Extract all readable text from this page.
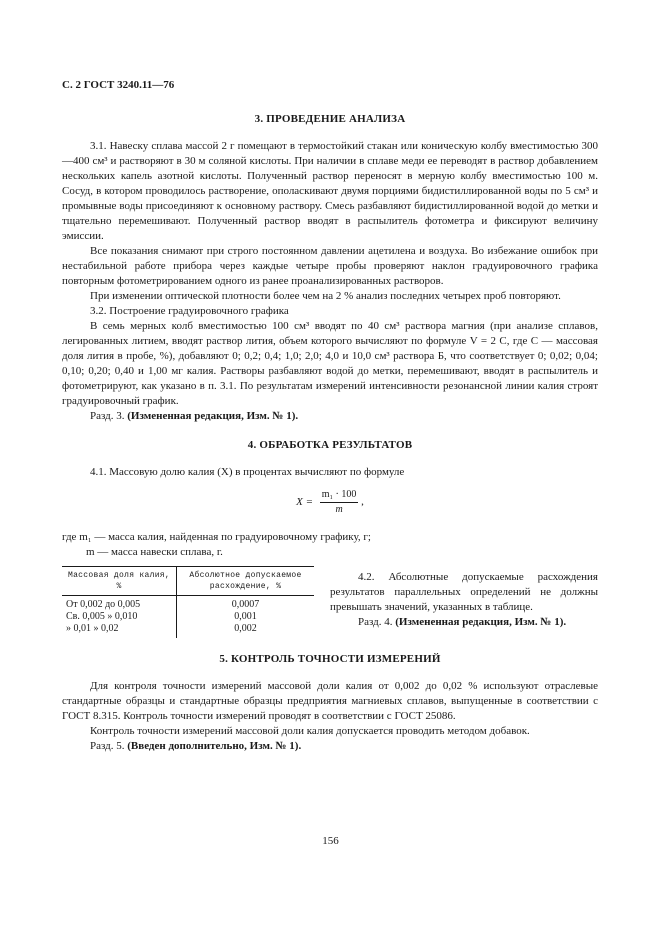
С. 2 ГОСТ 3240.11—76
3. ПРОВЕДЕНИЕ АНАЛИЗА

3.1. Навеску сплава массой 2 г помещают в термостойкий стакан или коническую колбу вместимостью 300—400 см³ и растворяют в 30 м соляной кислоты. При наличии в сплаве меди ее переводят в раствор добавлением нескольких капель азотной кислоты. Полученный раствор переносят в мерную колбу вместимостью 100 м. Сосуд, в котором проводилось растворение, ополаскивают двумя порциями бидистиллированной воды по 5 см³ и промывные воды присоединяют к основному раствору. Смесь разбавляют бидистиллированной водой до метки и тщательно перемешивают. Полученный раствор вводят в распылитель фотометра и фиксируют величину эмиссии.

Все показания снимают при строго постоянном давлении ацетилена и воздуха. Во избежание ошибок при нестабильной работе прибора через каждые четыре пробы проверяют наклон градуировочного графика повторным фотометрированием одного из ранее проанализированных растворов.

При изменении оптической плотности более чем на 2 % анализ последних четырех проб повторяют.

3.2. Построение градуировочного графика

В семь мерных колб вместимостью 100 см³ вводят по 40 см³ раствора магния (при анализе сплавов, легированных литием, вводят раствор лития, объем которого вычисляют по формуле V = 2 C, где C — массовая доля лития в пробе, %), добавляют 0; 0,2; 0,4; 1,0; 2,0; 4,0 и 10,0 см³ раствора Б, что соответствует 0; 0,02; 0,04; 0,10; 0,20; 0,40 и 1,00 мг калия. Растворы разбавляют водой до метки, перемешивают, вводят в распылитель и фотометрируют, как указано в п. 3.1. По результатам измерений интенсивности резонансной линии калия строят градуировочный график.

Разд. 3. (Измененная редакция, Изм. № 1).

4. ОБРАБОТКА РЕЗУЛЬТАТОВ

4.1. Массовую долю калия (X) в процентах вычисляют по формуле

$X = \frac{\text{m₁ · 100}}{m}$ ,

где m₁ — масса калия, найденная по градуировочному графику, г;

m — масса навески сплава, г.

Массовая доля калия, %	Абсолютное допускаемое расхождение, %
От 0,002 до 0,005	0,0007
Св. 0,005 » 0,010	0,001
» 0,01 » 0,02	0,002

4.2. Абсолютные допускаемые расхождения результатов параллельных определений не должны превышать значений, указанных в таблице.

Разд. 4. (Измененная редакция, Изм. № 1).

5. КОНТРОЛЬ ТОЧНОСТИ ИЗМЕРЕНИЙ

Для контроля точности измерений массовой доли калия от 0,002 до 0,02 % используют отраслевые стандартные образцы и стандартные образцы предприятия магниевых сплавов, выпущенные в соответствии с ГОСТ 8.315. Контроль точности измерений проводят в соответствии с ГОСТ 25086.

Контроль точности измерений массовой доли калия допускается проводить методом добавок.

Разд. 5. (Введен дополнительно, Изм. № 1).

156
